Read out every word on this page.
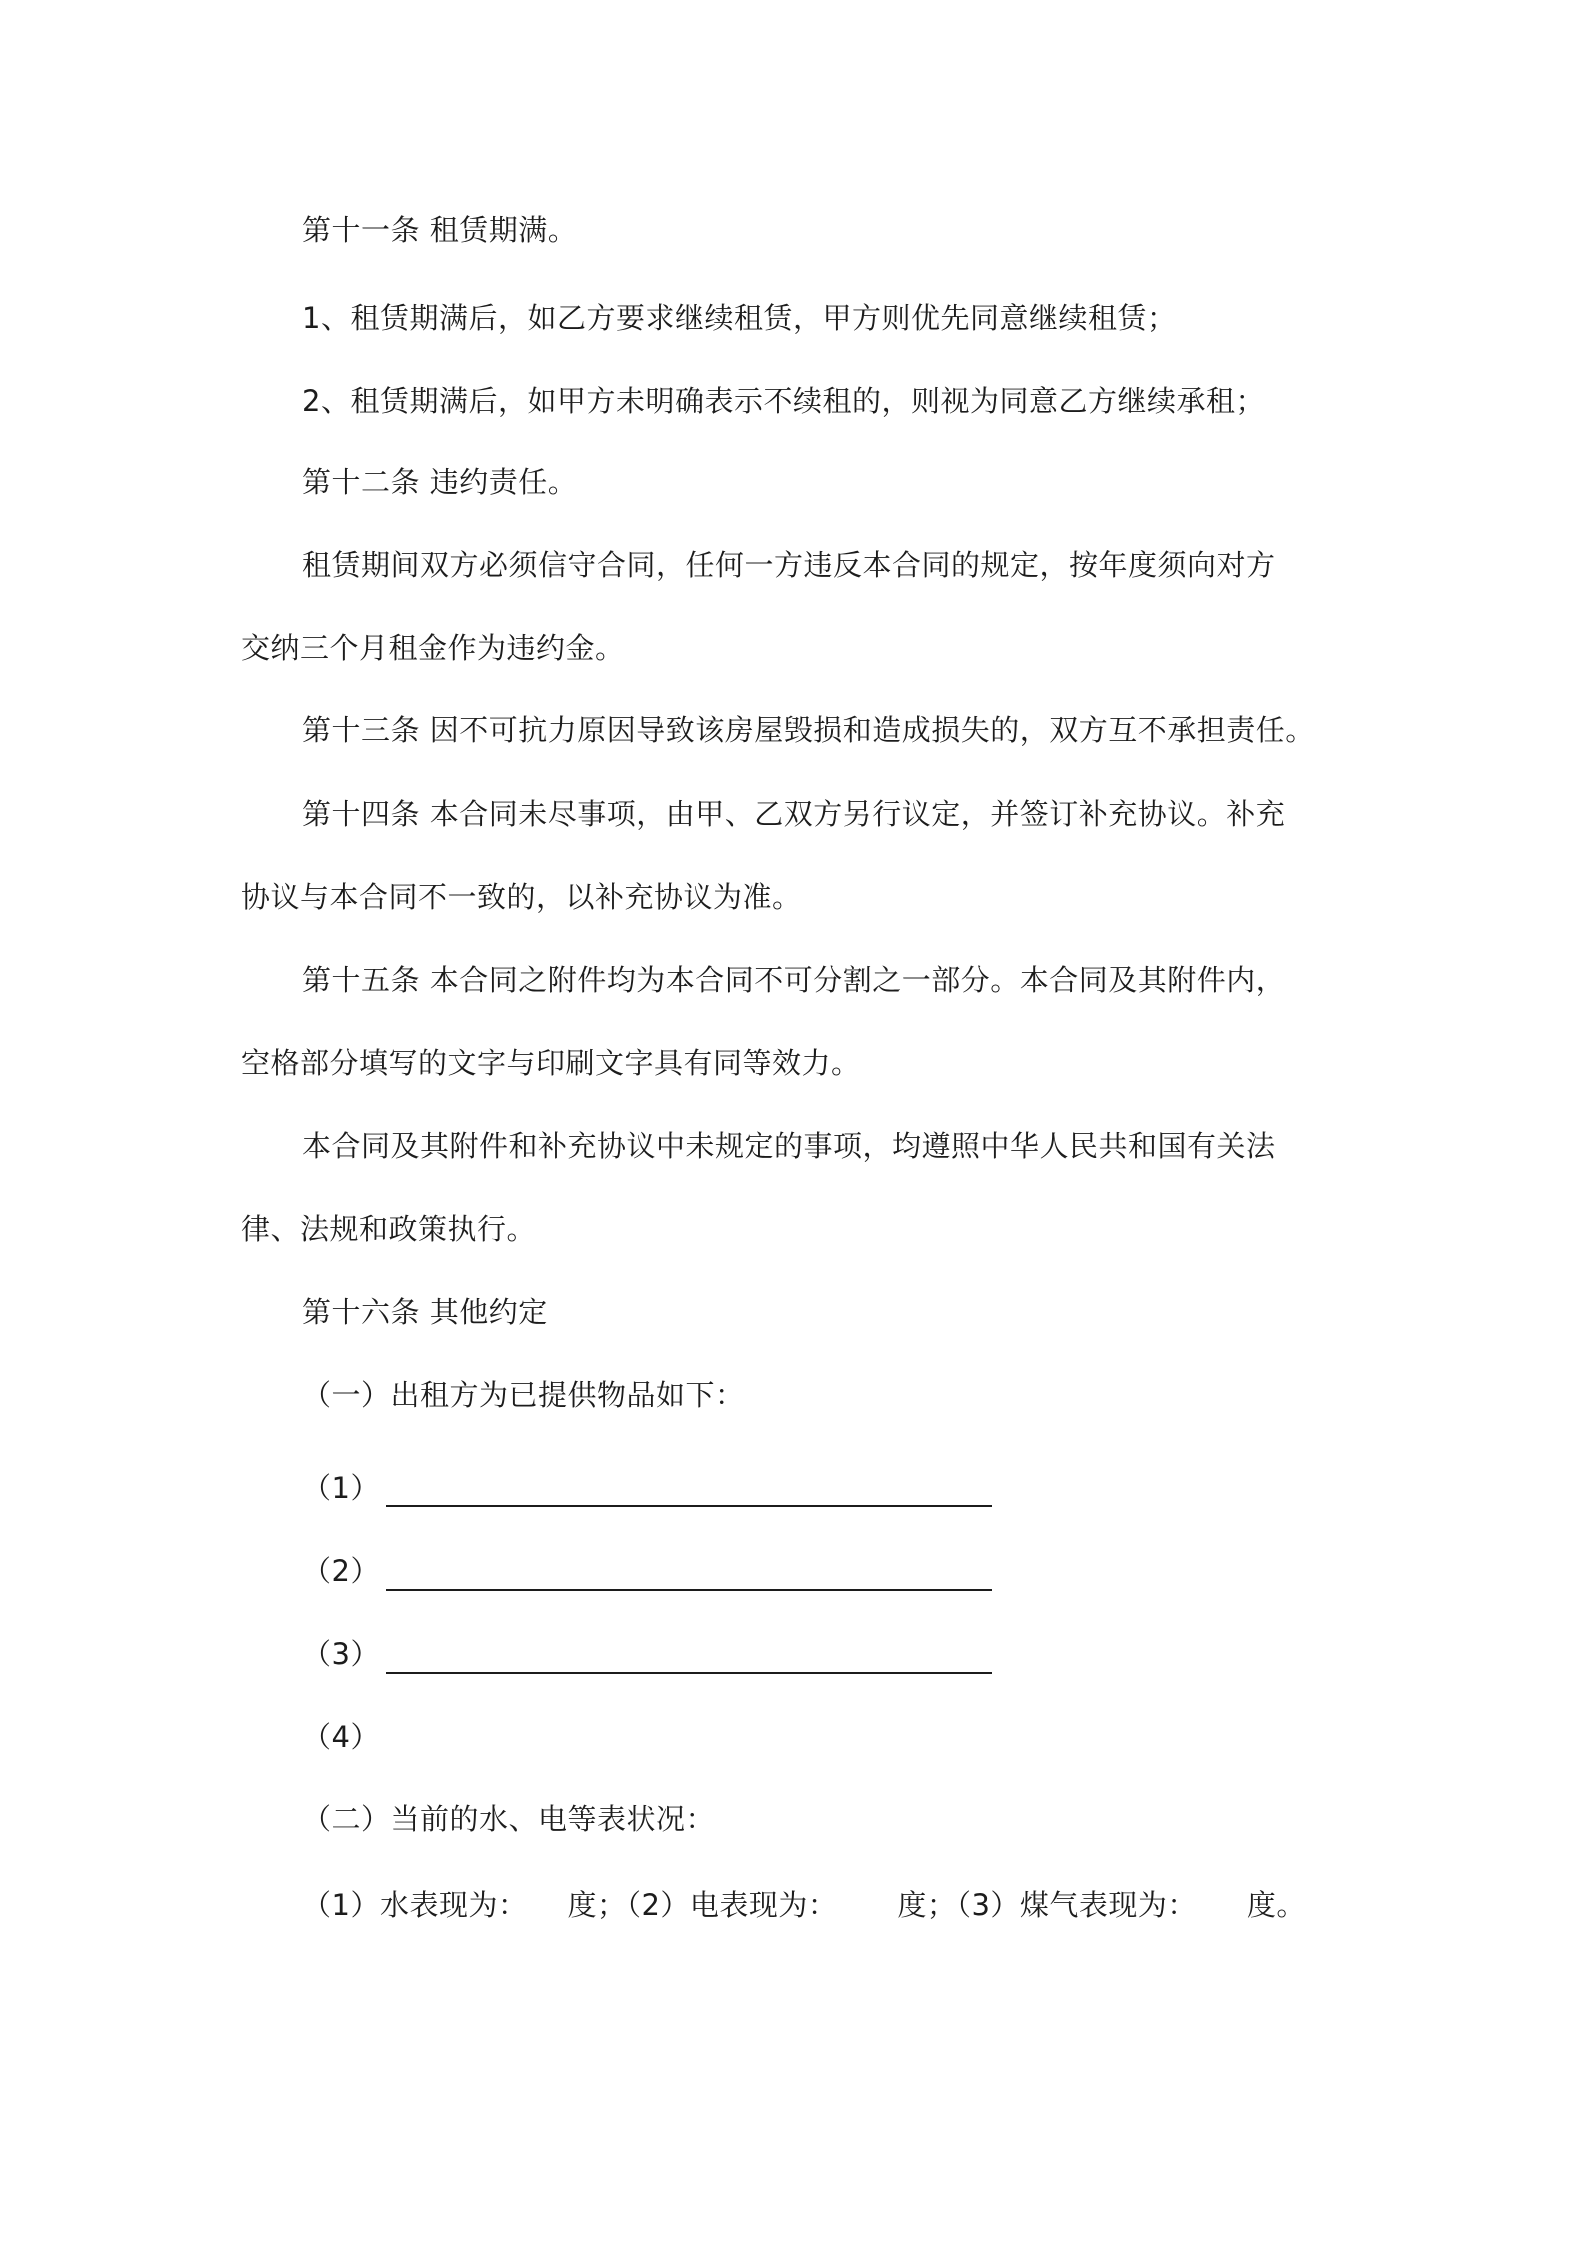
第十一条 租赁期满。
1、租赁期满后，如乙方要求继续租赁，甲方则优先同意继续租赁；
2、租赁期满后，如甲方未明确表示不续租的，则视为同意乙方继续承租；
第十二条 违约责任。
租赁期间双方必须信守合同，任何一方违反本合同的规定，按年度须向对方
交纳三个月租金作为违约金。
第十三条 因不可抗力原因导致该房屋毁损和造成损失的，双方互不承担责任。
第十四条 本合同未尽事项，由甲、乙双方另行议定，并签订补充协议。补充
协议与本合同不一致的，以补充协议为准。
第十五条 本合同之附件均为本合同不可分割之一部分。本合同及其附件内，
空格部分填写的文字与印刷文字具有同等效力。
本合同及其附件和补充协议中未规定的事项，均遵照中华人民共和国有关法
律、法规和政策执行。
第十六条 其他约定
（一）出租方为已提供物品如下：
（1）
（2）
（3）
（4）
（二）当前的水、电等表状况：
（1）水表现为： 度；（2）电表现为： 度；（3）煤气表现为： 度。
